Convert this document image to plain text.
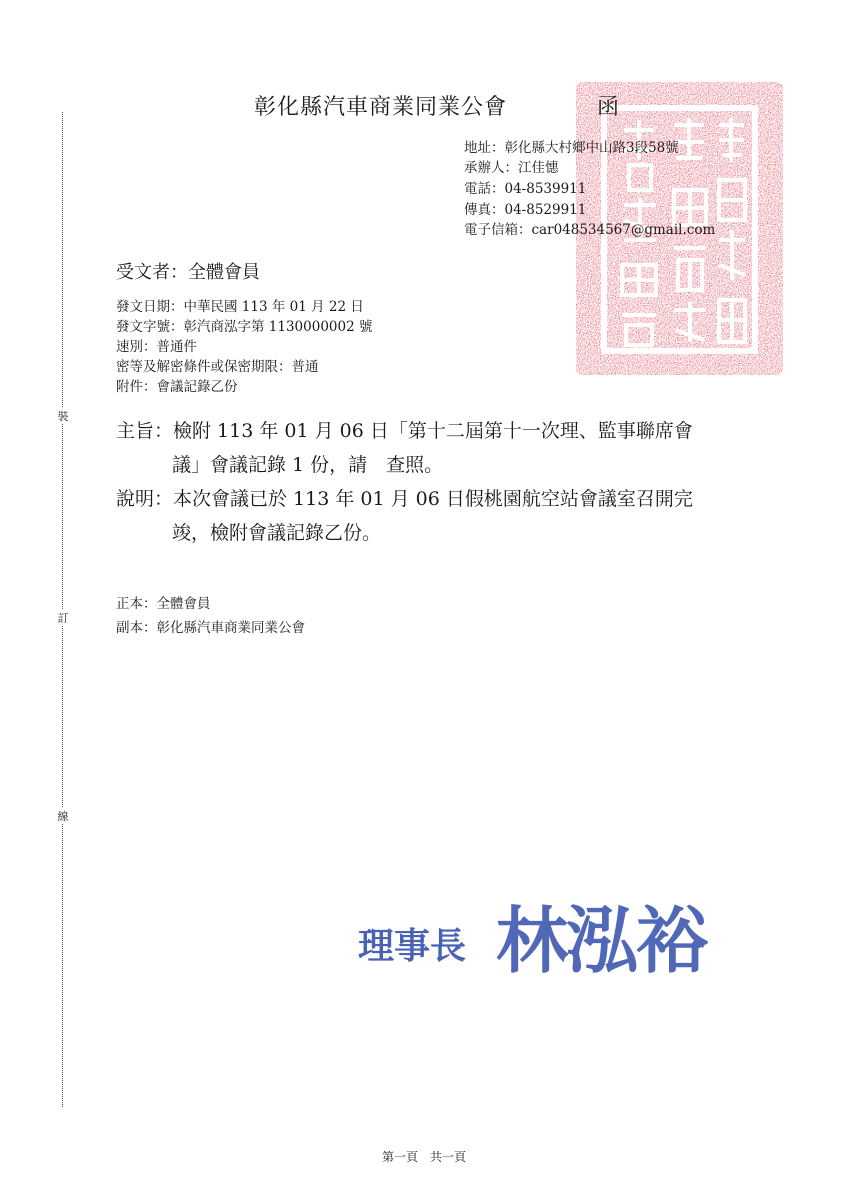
裝
訂
線
彰化縣汽車商業同業公會	函
地址：彰化縣大村鄉中山路3段58號
承辦人：江佳憓
電話：04-8539911
傳真：04-8529911
電子信箱：car048534567@gmail.com
受文者：全體會員
發文日期：中華民國 113 年 01 月 22 日
發文字號：彰汽商泓字第 1130000002 號
速別：普通件
密等及解密條件或保密期限：普通
附件：會議記錄乙份
主旨：檢附 113 年 01 月 06 日「第十二屆第十一次理、監事聯席會
議」會議記錄 1 份，請　查照。
說明：本次會議已於 113 年 01 月 06 日假桃園航空站會議室召開完
竣，檢附會議記錄乙份。
正本：全體會員
副本：彰化縣汽車商業同業公會
理事長 林泓裕
第一頁　共一頁
